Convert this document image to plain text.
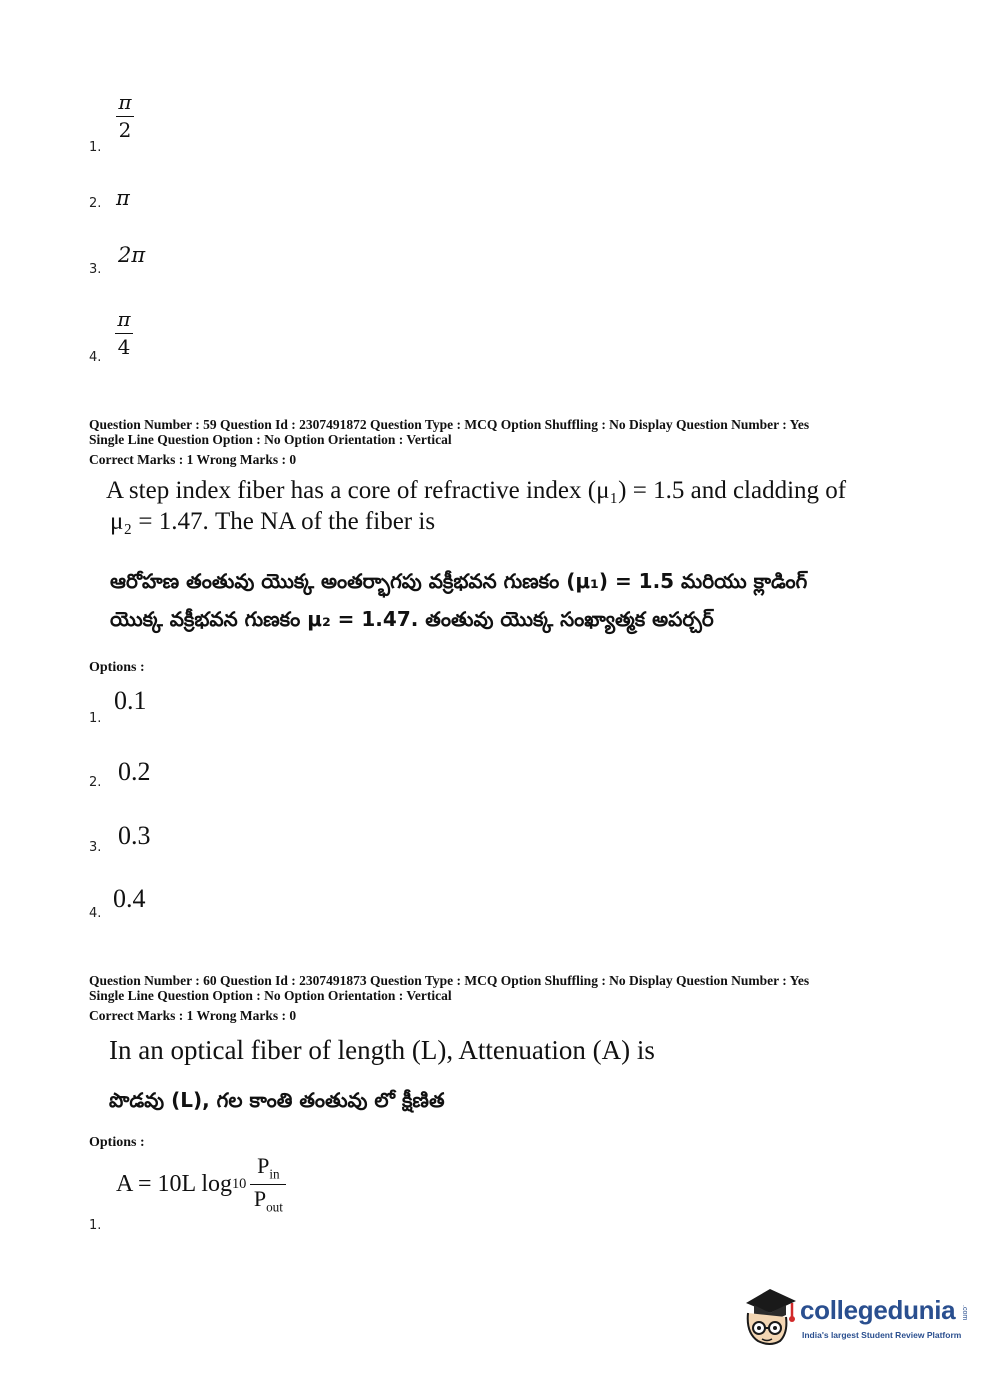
$\frac{\pi}{2}$
1.
2. π
2π
3.
$\frac{\pi}{4}$
4.
Question Number : 59 Question Id : 2307491872 Question Type : MCQ Option Shuffling : No Display Question Number : Yes
Single Line Question Option : No Option Orientation : Vertical
Correct Marks : 1 Wrong Marks : 0
A step index fiber has a core of refractive index (μ₁) = 1.5 and cladding of
μ₂ = 1.47. The NA of the fiber is
ఆరోహణ తంతువు యొక్క అంతర్భాగపు వక్రీభవన గుణకం (μ₁) = 1.5 మరియు క్లాడింగ్
యొక్క వక్రీభవన గుణకం μ₂ = 1.47. తంతువు యొక్క సంఖ్యాత్మక అపర్చర్
Options :
0.1
1.
0.2
2.
0.3
3.
0.4
4.
Question Number : 60 Question Id : 2307491873 Question Type : MCQ Option Shuffling : No Display Question Number : Yes
Single Line Question Option : No Option Orientation : Vertical
Correct Marks : 1 Wrong Marks : 0
In an optical fiber of length (L), Attenuation (A) is
పొడవు (L), గల కాంతి తంతువు లో క్షీణిత
Options :
A = 10L log 10
$P_{in}$
$P_{out}$
1.
collegedunia .com
India's largest Student Review Platform
